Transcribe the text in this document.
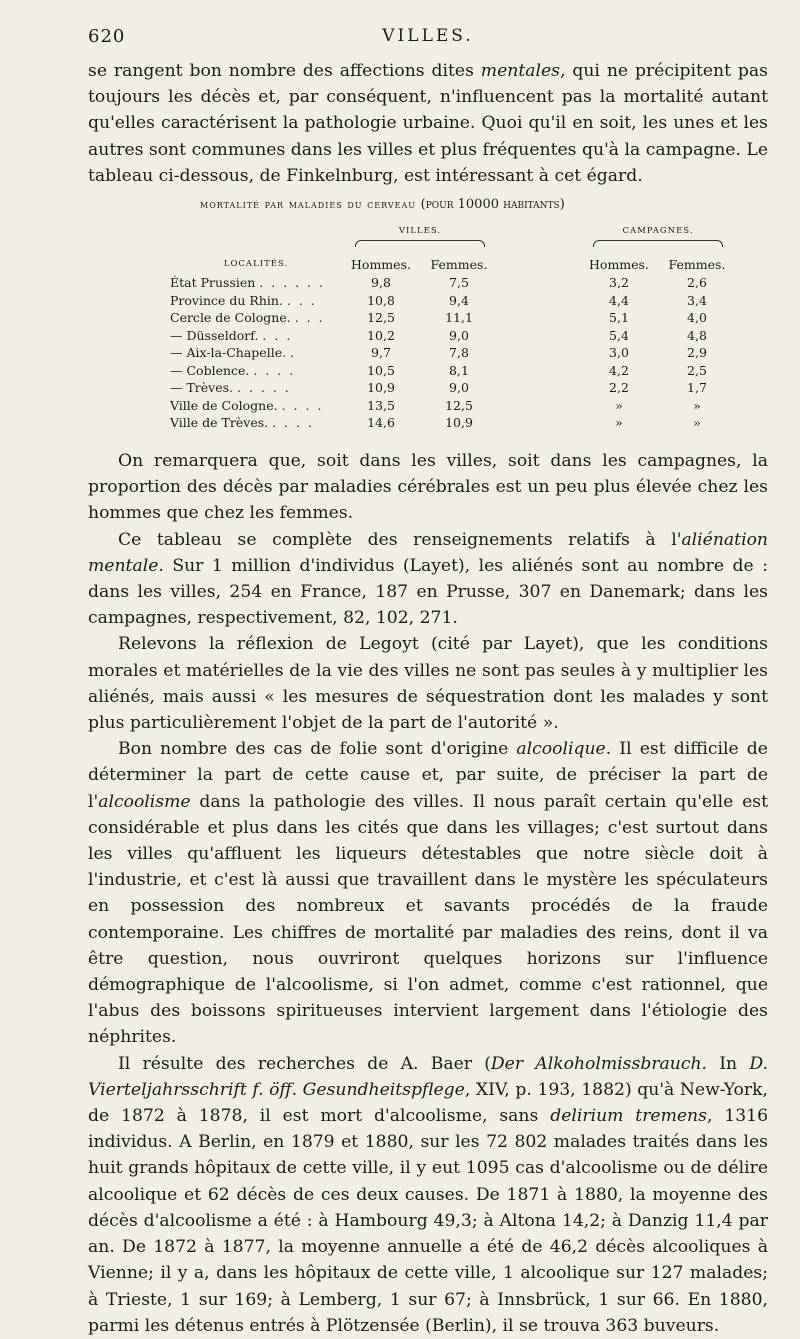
620	VILLES.

se rangent bon nombre des affections dites mentales, qui ne précipitent pas toujours les décès et, par conséquent, n'influencent pas la mortalité autant qu'elles caractérisent la pathologie urbaine. Quoi qu'il en soit, les unes et les autres sont communes dans les villes et plus fréquentes qu'à la campagne. Le tableau ci-dessous, de Finkelnburg, est intéressant à cet égard.

mortalité par maladies du cerveau (pour 10000 habitants)
	VILLES.			CAMPAGNES.	

LOCALITÉS.	Hommes.	Femmes.		Hommes.	Femmes.
État Prussien . . . . . .	9,8	7,5		3,2	2,6
Province du Rhin. . . .	10,8	9,4		4,4	3,4
Cercle de Cologne. . . .	12,5	11,1		5,1	4,0
— Düsseldorf. . . .	10,2	9,0		5,4	4,8
— Aix-la-Chapelle. .	9,7	7,8		3,0	2,9
— Coblence. . . . .	10,5	8,1		4,2	2,5
— Trèves. . . . . .	10,9	9,0		2,2	1,7
Ville de Cologne. . . . .	13,5	12,5		»	»
Ville de Trèves. . . . .	14,6	10,9		»	»

On remarquera que, soit dans les villes, soit dans les campagnes, la proportion des décès par maladies cérébrales est un peu plus élevée chez les hommes que chez les femmes.

Ce tableau se complète des renseignements relatifs à l'aliénation mentale. Sur 1 million d'individus (Layet), les aliénés sont au nombre de : dans les villes, 254 en France, 187 en Prusse, 307 en Danemark; dans les campagnes, respectivement, 82, 102, 271.

Relevons la réflexion de Legoyt (cité par Layet), que les conditions morales et matérielles de la vie des villes ne sont pas seules à y multiplier les aliénés, mais aussi « les mesures de séquestration dont les malades y sont plus particulièrement l'objet de la part de l'autorité ».

Bon nombre des cas de folie sont d'origine alcoolique. Il est difficile de déterminer la part de cette cause et, par suite, de préciser la part de l'alcoolisme dans la pathologie des villes. Il nous paraît certain qu'elle est considérable et plus dans les cités que dans les villages; c'est surtout dans les villes qu'affluent les liqueurs détestables que notre siècle doit à l'industrie, et c'est là aussi que travaillent dans le mystère les spéculateurs en possession des nombreux et savants procédés de la fraude contemporaine. Les chiffres de mortalité par maladies des reins, dont il va être question, nous ouvriront quelques horizons sur l'influence démographique de l'alcoolisme, si l'on admet, comme c'est rationnel, que l'abus des boissons spiritueuses intervient largement dans l'étiologie des néphrites.

Il résulte des recherches de A. Baer (Der Alkoholmissbrauch. In D. Vierteljahrsschrift f. öff. Gesundheitspflege, XIV, p. 193, 1882) qu'à New-York, de 1872 à 1878, il est mort d'alcoolisme, sans delirium tremens, 1316 individus. A Berlin, en 1879 et 1880, sur les 72 802 malades traités dans les huit grands hôpitaux de cette ville, il y eut 1095 cas d'alcoolisme ou de délire alcoolique et 62 décès de ces deux causes. De 1871 à 1880, la moyenne des décès d'alcoolisme a été : à Hambourg 49,3; à Altona 14,2; à Danzig 11,4 par an. De 1872 à 1877, la moyenne annuelle a été de 46,2 décès alcooliques à Vienne; il y a, dans les hôpitaux de cette ville, 1 alcoolique sur 127 malades; à Trieste, 1 sur 169; à Lemberg, 1 sur 67; à Innsbrück, 1 sur 66. En 1880, parmi les détenus entrés à Plötzensée (Berlin), il se trouva 363 buveurs.
